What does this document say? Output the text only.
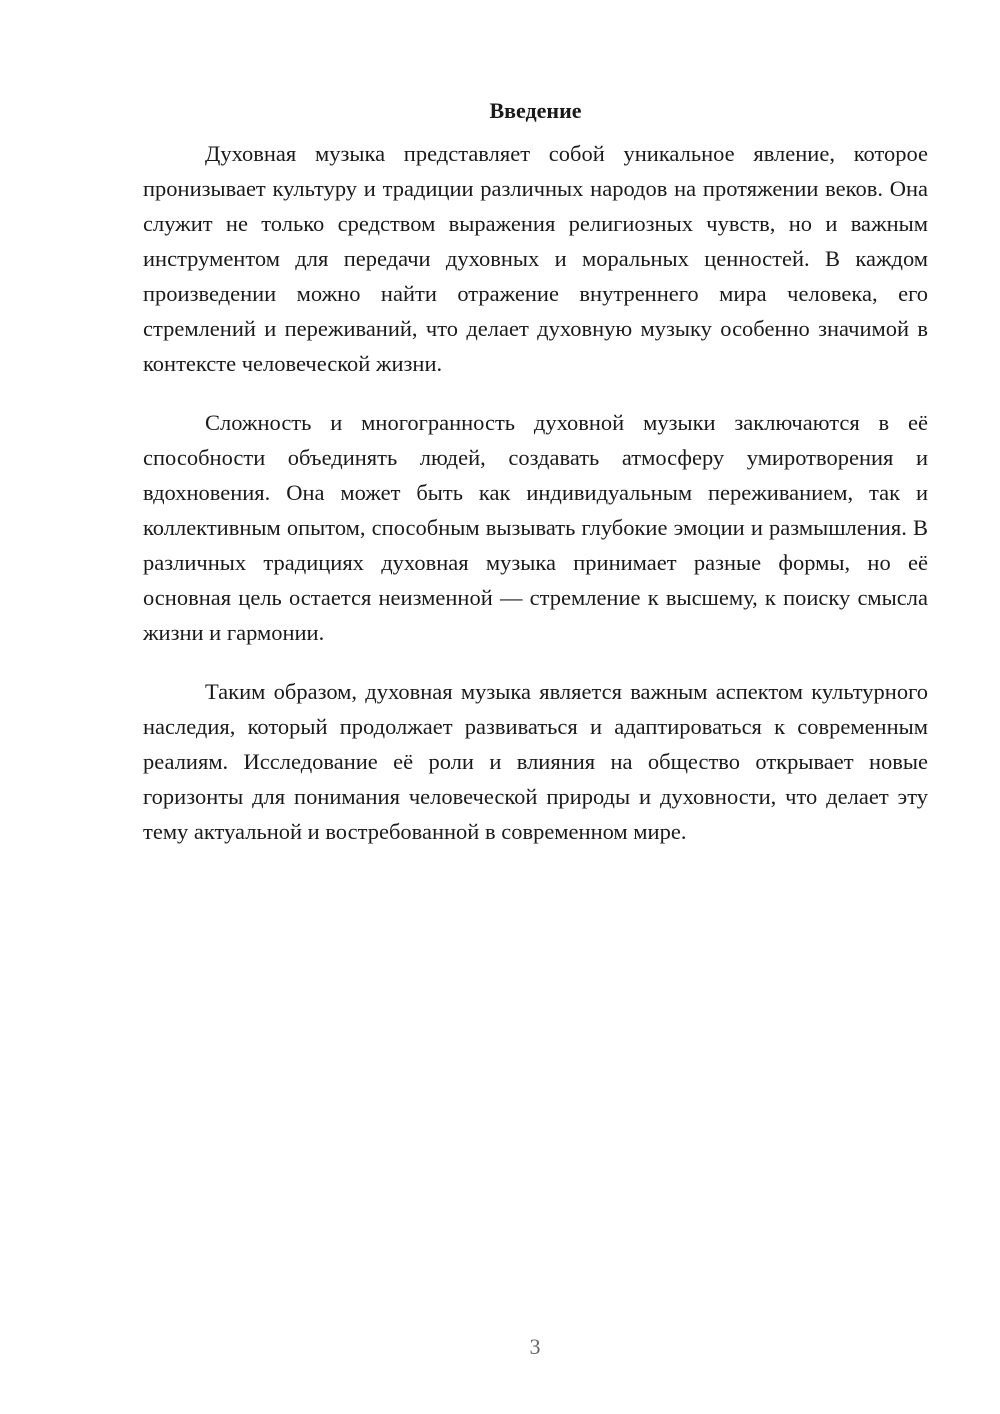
Введение

Духовная музыка представляет собой уникальное явление, которое пронизывает культуру и традиции различных народов на протяжении веков. Она служит не только средством выражения религиозных чувств, но и важным инструментом для передачи духовных и моральных ценностей. В каждом произведении можно найти отражение внутреннего мира человека, его стремлений и переживаний, что делает духовную музыку особенно значимой в контексте человеческой жизни.

Сложность и многогранность духовной музыки заключаются в её способности объединять людей, создавать атмосферу умиротворения и вдохновения. Она может быть как индивидуальным переживанием, так и коллективным опытом, способным вызывать глубокие эмоции и размышления. В различных традициях духовная музыка принимает разные формы, но её основная цель остается неизменной — стремление к высшему, к поиску смысла жизни и гармонии.

Таким образом, духовная музыка является важным аспектом культурного наследия, который продолжает развиваться и адаптироваться к современным реалиям. Исследование её роли и влияния на общество открывает новые горизонты для понимания человеческой природы и духовности, что делает эту тему актуальной и востребованной в современном мире.

3
